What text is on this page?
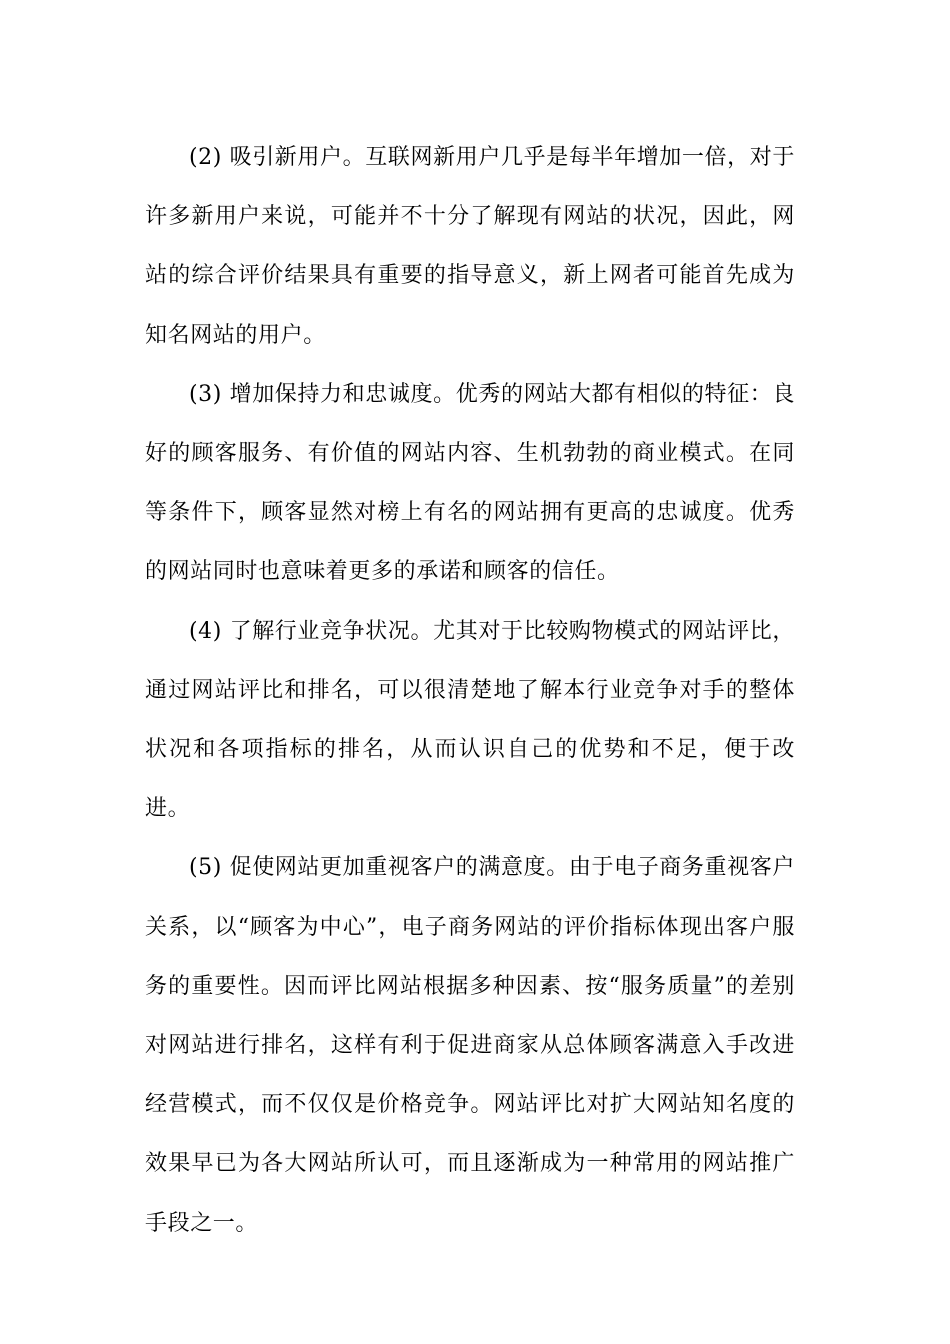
(2) 吸引新用户。互联网新用户几乎是每半年增加一倍，对于许多新用户来说，可能并不十分了解现有网站的状况，因此，网站的综合评价结果具有重要的指导意义，新上网者可能首先成为知名网站的用户。

(3) 增加保持力和忠诚度。优秀的网站大都有相似的特征：良好的顾客服务、有价值的网站内容、生机勃勃的商业模式。在同等条件下，顾客显然对榜上有名的网站拥有更高的忠诚度。优秀的网站同时也意味着更多的承诺和顾客的信任。

(4) 了解行业竞争状况。尤其对于比较购物模式的网站评比，通过网站评比和排名，可以很清楚地了解本行业竞争对手的整体状况和各项指标的排名，从而认识自己的优势和不足，便于改进。

(5) 促使网站更加重视客户的满意度。由于电子商务重视客户关系，以“顾客为中心”，电子商务网站的评价指标体现出客户服务的重要性。因而评比网站根据多种因素、按“服务质量”的差别对网站进行排名，这样有利于促进商家从总体顾客满意入手改进经营模式，而不仅仅是价格竞争。网站评比对扩大网站知名度的效果早已为各大网站所认可，而且逐渐成为一种常用的网站推广手段之一。
